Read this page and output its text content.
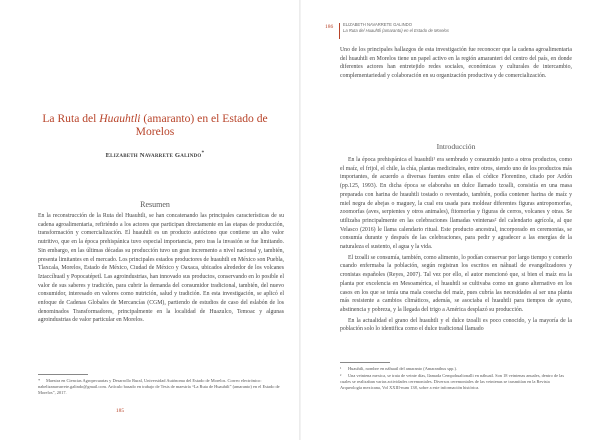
La Ruta del Huauhtli (amaranto) en el Estado de Morelos
Elizabeth Navarrete Galindo*
Resumen

En la reconstrucción de la Ruta del Huauhtli, se han concatenando las principales características de su cadena agroalimentaria, refiriéndo a los actores que participan directamente en las etapas de producción, transformación y comercialización. El huauhtli es un producto autóctono que contiene un alto valor nutritivo, que en la época prehispánica tuvo especial importancia, pero tras la invasión se fue limitando. Sin embargo, en las últimas décadas su producción tuvo un gran incremento a nivel nacional y, también, presenta limitantes en el mercado. Los principales estados productores de huauhtli en México son Puebla, Tlaxcala, Morelos, Estado de México, Ciudad de México y Oaxaca, ubicados alrededor de los volcanes Iztaccíhuatl y Popocatépetl. Las agroindustrias, han innovado sus productos, conservando en lo posible el valor de sus saberes y tradición, para cubrir la demanda del consumidor tradicional, también, del nuevo consumidor, interesado en valores como nutrición, salud y tradición. En esta investigación, se aplicó el enfoque de Cadenas Globales de Mercancías (CGM), partiendo de estudios de caso del eslabón de los denominados Transformadores, principalmente en la localidad de Huazulco, Temoac y algunas agroindustrias de valor particular en Morelos.

* Maestra en Ciencias Agropecuarias y Desarrollo Rural, Universidad Autónoma del Estado de Morelos. Correo electrónico: nabelizanavarrete.galindo@gmail.com. Artículo basado en trabajo de Tesis de maestría “La Ruta de Huauhtli” (amaranto) en el Estado de Morelos”, 2017.
185
186 ELIZABETH NAVARRETE GALINDO
La Ruta del Huauhtli (amaranto) en el Estado de Morelos
Uno de los principales hallazgos de esta investigación fue reconocer que la cadena agroalimentaria del huauhtli en Morelos tiene un papel activo en la región amaranteri del centro del país, en donde diferentes actores han entretejido redes sociales, económicas y culturales de intercambio, complementariedad y colaboración en su organización productiva y de comercialización.
Introducción

En la época prehispánica el huauhtli¹ era sembrado y consumido junto a otros productos, como el maíz, el frijol, el chile, la chía, plantas medicinales, entre otros, siendo uno de los productos más importantes, de acuerdo a diversas fuentes entre ellas el códice Florentino, citado por Ardón (pp.125, 1993). En dicha época se elaboraba un dulce llamado tzoalli, consistía en una masa preparada con harina de huauhtli tostado o reventado, también, podía contener harina de maíz y miel negra de abejas o maguey, la cual era usada para moldear diferentes figuras antropomorfas, zoomorfas (aves, serpientes y otros animales), fitomorfas y figuras de cerros, volcanes y otras. Se utilizaba principalmente en las celebraciones llamadas veintenas² del calendario agrícola, al que Velasco (2016) le llama calendario ritual. Este producto ancestral, incorporado en ceremonias, se consumía durante y después de las celebraciones, para pedir y agradecer a las energías de la naturaleza el sustento, el agua y la vida.

El tzoalli se consumía, también, como alimento, lo podían conservar por largo tiempo y comerlo cuando enfermaba la población, según registran los escritos en náhuatl de evangelizadores y cronistas españoles (Reyes, 2007). Tal vez por ello, el autor mencionó que, si bien el maíz era la planta por excelencia en Mesoamérica, el huauhtli se cultivaba como un grano alternativo en los casos en los que se tenía una mala cosecha del maíz, pues cubría las necesidades al ser una planta más resistente a cambios climáticos, además, se asociaba el huauhtli para tiempos de ayuno, abstinencia y pobreza, y la llegada del trigo a América desplazó su producción.

En la actualidad el grano del huauhtli y el dulce tzoalli es poco conocido, y la mayoría de la población solo lo identifica como el dulce tradicional llamado

¹ Huauhtli, nombre en náhuatl del amaranto (Amaranthus spp.).

² Una veintena mexica, se trata de veinte días, llamada Cempohualtonalli en náhuatl. Son 18 veintenas anuales, dentro de las cuales se realizaban varias actividades ceremoniales. Diversos ceremoniales de las veintenas se trasmitían en la Revista Arqueología mexicana, Vol XXIII-num 138, sobre a este información histórica.
